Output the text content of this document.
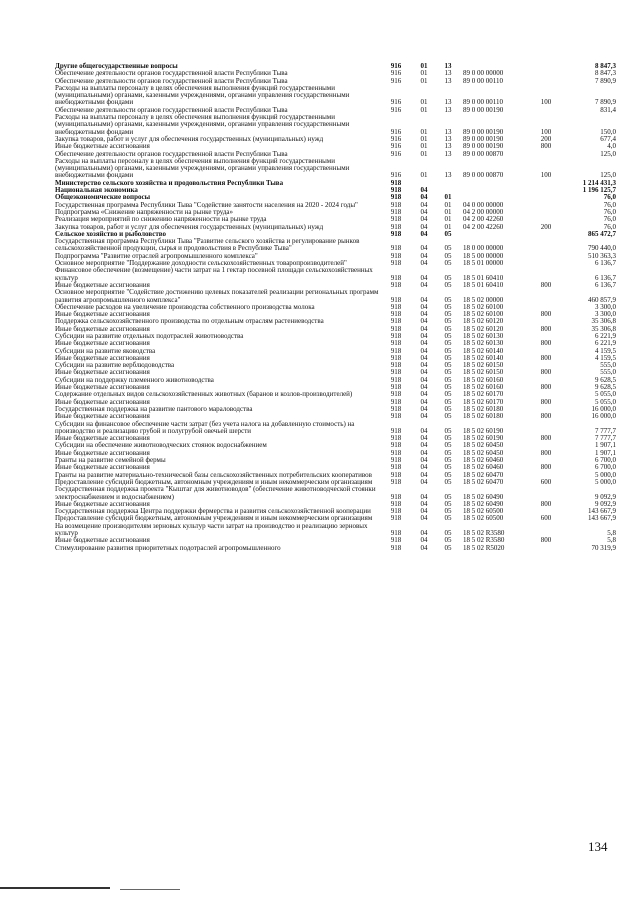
Другие общегосударственные вопросы	916	01	13	8 847,3
Обеспечение деятельности органов государственной власти Республики Тыва	916	01	13	89 0 00 00000	8 847,3
Обеспечение деятельности органов государственной власти Республики Тыва	916	01	13	89 0 00 00110	7 890,9
Расходы на выплаты персоналу в целях обеспечения выполнения функций государственными (муниципальными) органами, казенными учреждениями, органами управления государственными внебюджетными фондами	916	01	13	89 0 00 00110	100	7 890,9
Обеспечение деятельности органов государственной власти Республики Тыва	916	01	13	89 0 00 00190	831,4
Расходы на выплаты персоналу в целях обеспечения выполнения функций государственными (муниципальными) органами, казенными учреждениями, органами управления государственными внебюджетными фондами	916	01	13	89 0 00 00190	100	150,0
Закупка товаров, работ и услуг для обеспечения государственных (муниципальных) нужд	916	01	13	89 0 00 00190	200	677,4
Иные бюджетные ассигнования	916	01	13	89 0 00 00190	800	4,0
Обеспечение деятельности органов государственной власти Республики Тыва	916	01	13	89 0 00 00870	125,0
Расходы на выплаты персоналу в целях обеспечения выполнения функций государственными (муниципальными) органами, казенными учреждениями, органами управления государственными внебюджетными фондами	916	01	13	89 0 00 00870	100	125,0
Министерство сельского хозяйства и продовольствия Республики Тыва	918	1 214 431,3
Национальная экономика	918	04	1 196 125,7
Общеэкономические вопросы	918	04	01	76,0
Государственная программа Республики Тыва "Содействие занятости населения на 2020 - 2024 годы"	918	04	01	04 0 00 00000	76,0
Подпрограмма «Снижение напряженности на рынке труда»	918	04	01	04 2 00 00000	76,0
Реализация мероприятий по снижению напряженности на рынке труда	918	04	01	04 2 00 42260	76,0
Закупка товаров, работ и услуг для обеспечения государственных (муниципальных) нужд	918	04	01	04 2 00 42260	200	76,0
Сельское хозяйство и рыболовство	918	04	05	865 472,7
Государственная программа Республики Тыва "Развитие сельского хозяйства и регулирование рынков сельскохозяйственной продукции, сырья и продовольствия в Республике Тыва"	918	04	05	18 0 00 00000	790 440,0
Подпрограмма "Развитие отраслей агропромышленного комплекса"	918	04	05	18 5 00 00000	510 363,3
Основное мероприятие "Поддержание доходности сельскохозяйственных товаропроизводителей"	918	04	05	18 5 01 00000	6 136,7
Финансовое обеспечение (возмещение) части затрат на 1 гектар посевной площади сельскохозяйственных культур	918	04	05	18 5 01 60410	6 136,7
Иные бюджетные ассигнования	918	04	05	18 5 01 60410	800	6 136,7
Основное мероприятие "Содействие достижению целевых показателей реализации региональных программ развития агропромышленного комплекса"	918	04	05	18 5 02 00000	460 857,9
Обеспечение расходов на увеличение производства собственного производства молока	918	04	05	18 5 02 60100	3 300,0
Иные бюджетные ассигнования	918	04	05	18 5 02 60100	800	3 300,0
Поддержка сельскохозяйственного производства по отдельным отраслям растениеводства	918	04	05	18 5 02 60120	35 306,8
Иные бюджетные ассигнования	918	04	05	18 5 02 60120	800	35 306,8
Субсидии на развитие отдельных подотраслей животноводства	918	04	05	18 5 02 60130	6 221,9
Иные бюджетные ассигнования	918	04	05	18 5 02 60130	800	6 221,9
Субсидии на развитие яководства	918	04	05	18 5 02 60140	4 159,5
Иные бюджетные ассигнования	918	04	05	18 5 02 60140	800	4 159,5
Субсидии на развитие верблюдоводства	918	04	05	18 5 02 60150	555,0
Иные бюджетные ассигнования	918	04	05	18 5 02 60150	800	555,0
Субсидии на поддержку племенного животноводства	918	04	05	18 5 02 60160	9 628,5
Иные бюджетные ассигнования	918	04	05	18 5 02 60160	800	9 628,5
Содержание отдельных видов сельскохозяйственных животных (баранов и козлов-производителей)	918	04	05	18 5 02 60170	5 055,0
Иные бюджетные ассигнования	918	04	05	18 5 02 60170	800	5 055,0
Государственная поддержка на развитие пантового мараловодства	918	04	05	18 5 02 60180	16 000,0
Иные бюджетные ассигнования	918	04	05	18 5 02 60180	800	16 000,0
Субсидии на финансовое обеспечение части затрат (без учета налога на добавленную стоимость) на производство и реализацию грубой и полугрубой овечьей шерсти	918	04	05	18 5 02 60190	7 777,7
Иные бюджетные ассигнования	918	04	05	18 5 02 60190	800	7 777,7
Субсидии на обеспечение животноводческих стоянок водоснабжением	918	04	05	18 5 02 60450	1 907,1
Иные бюджетные ассигнования	918	04	05	18 5 02 60450	800	1 907,1
Гранты на развитие семейной фермы	918	04	05	18 5 02 60460	6 700,0
Иные бюджетные ассигнования	918	04	05	18 5 02 60460	800	6 700,0
Гранты на развитие материально-технической базы сельскохозяйственных потребительских кооперативов	918	04	05	18 5 02 60470	5 000,0
Предоставление субсидий бюджетным, автономным учреждениям и иным некоммерческим организациям	918	04	05	18 5 02 60470	600	5 000,0
Государственная поддержка проекта "Кыштаг для животноводов" (обеспечение животноводческой стоянки электроснабжением и водоснабжением)	918	04	05	18 5 02 60490	9 092,9
Иные бюджетные ассигнования	918	04	05	18 5 02 60490	800	9 092,9
Государственная поддержка Центра поддержки фермерства и развития сельскохозяйственной кооперации	918	04	05	18 5 02 60500	143 667,9
Предоставление субсидий бюджетным, автономным учреждениям и иным некоммерческим организациям	918	04	05	18 5 02 60500	600	143 667,9
На возмещение производителям зерновых культур части затрат на производство и реализацию зерновых культур	918	04	05	18 5 02 R3580	5,8
Иные бюджетные ассигнования	918	04	05	18 5 02 R3580	800	5,8
Стимулирование развития приоритетных подотраслей агропромышленного	918	04	05	18 5 02 R5020	70 319,9
134
